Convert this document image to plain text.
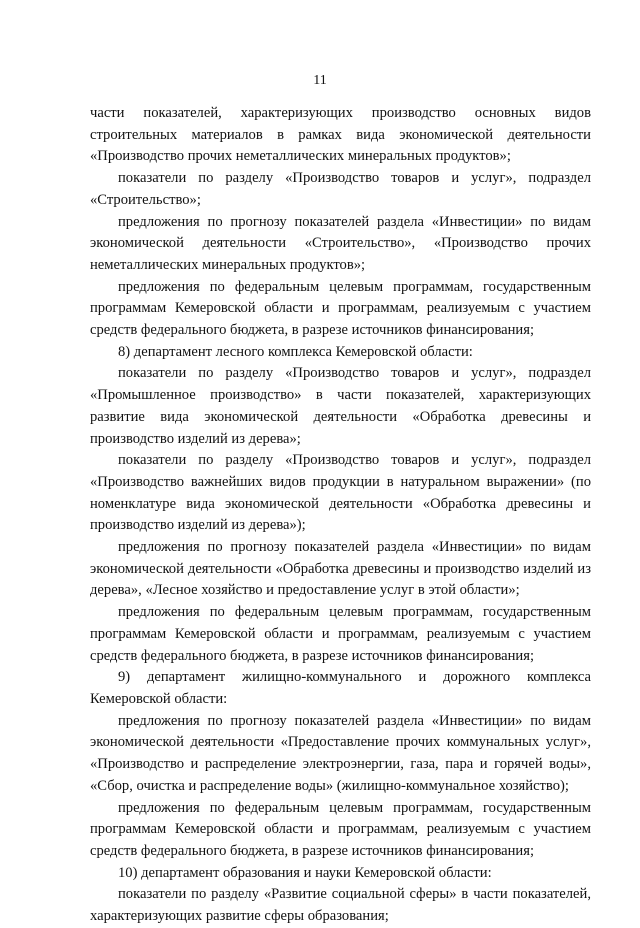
11

части показателей, характеризующих производство основных видов строительных материалов в рамках вида экономической деятельности «Производство прочих неметаллических минеральных продуктов»;

показатели по разделу «Производство товаров и услуг», подраздел «Строительство»;

предложения по прогнозу показателей раздела «Инвестиции» по видам экономической деятельности «Строительство», «Производство прочих неметаллических минеральных продуктов»;

предложения по федеральным целевым программам, государственным программам Кемеровской области и программам, реализуемым с участием средств федерального бюджета, в разрезе источников финансирования;

8) департамент лесного комплекса Кемеровской области:

показатели по разделу «Производство товаров и услуг», подраздел «Промышленное производство» в части показателей, характеризующих развитие вида экономической деятельности «Обработка древесины и производство изделий из дерева»;

показатели по разделу «Производство товаров и услуг», подраздел «Производство важнейших видов продукции в натуральном выражении» (по номенклатуре вида экономической деятельности «Обработка древесины и производство изделий из дерева»);

предложения по прогнозу показателей раздела «Инвестиции» по видам экономической деятельности «Обработка древесины и производство изделий из дерева», «Лесное хозяйство и предоставление услуг в этой области»;

предложения по федеральным целевым программам, государственным программам Кемеровской области и программам, реализуемым с участием средств федерального бюджета, в разрезе источников финансирования;

9) департамент жилищно-коммунального и дорожного комплекса Кемеровской области:

предложения по прогнозу показателей раздела «Инвестиции» по видам экономической деятельности «Предоставление прочих коммунальных услуг», «Производство и распределение электроэнергии, газа, пара и горячей воды», «Сбор, очистка и распределение воды» (жилищно-коммунальное хозяйство);

предложения по федеральным целевым программам, государственным программам Кемеровской области и программам, реализуемым с участием средств федерального бюджета, в разрезе источников финансирования;

10) департамент образования и науки Кемеровской области:

показатели по разделу «Развитие социальной сферы» в части показателей, характеризующих развитие сферы образования;
